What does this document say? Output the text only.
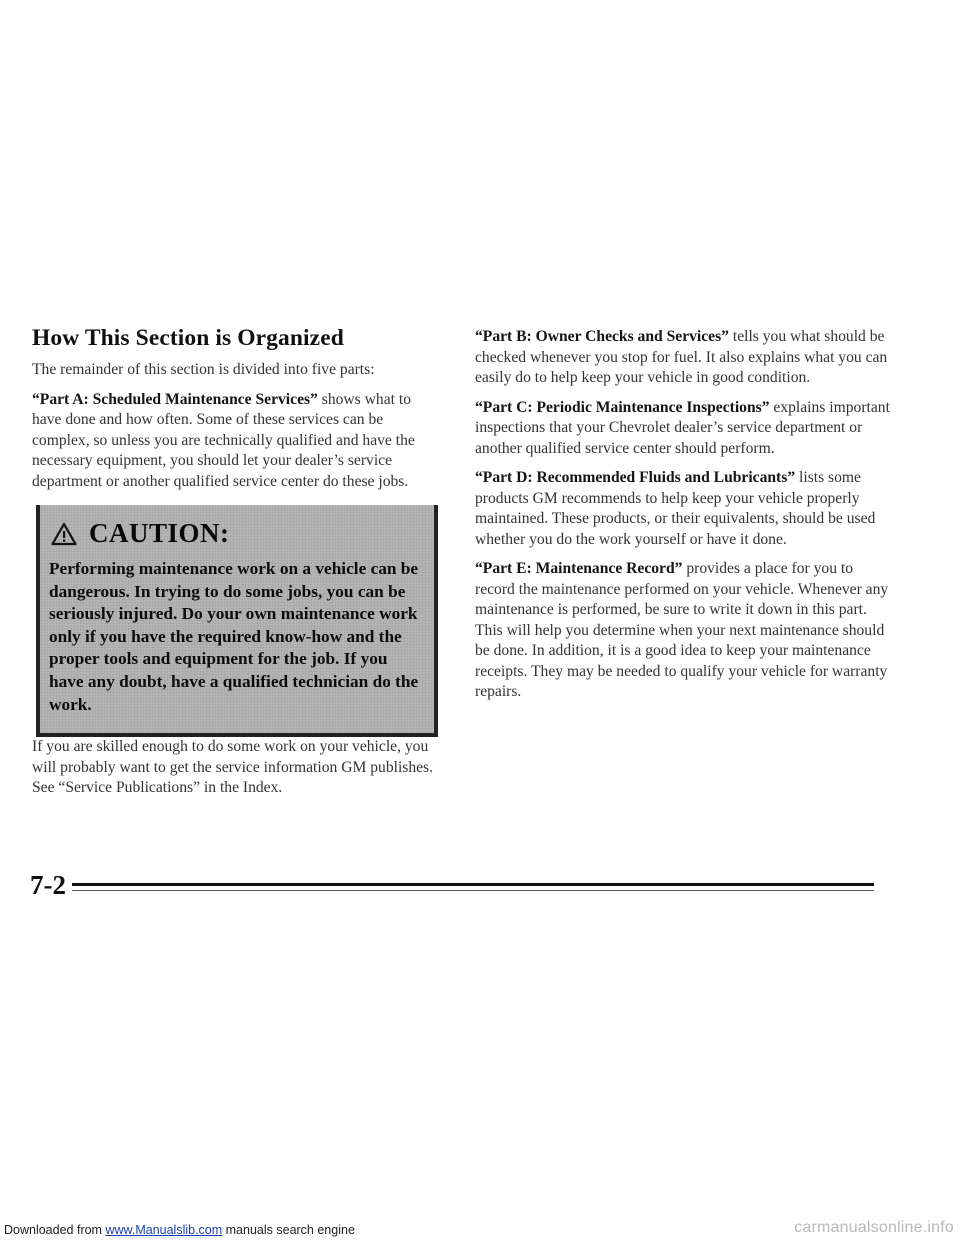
How This Section is Organized

The remainder of this section is divided into five parts:

“Part A: Scheduled Maintenance Services” shows what to have done and how often. Some of these services can be complex, so unless you are technically qualified and have the necessary equipment, you should let your dealer’s service department or another qualified service center do these jobs.

CAUTION:
Performing maintenance work on a vehicle can be dangerous. In trying to do some jobs, you can be seriously injured. Do your own maintenance work only if you have the required know-how and the proper tools and equipment for the job. If you have any doubt, have a qualified technician do the work.

If you are skilled enough to do some work on your vehicle, you will probably want to get the service information GM publishes. See “Service Publications” in the Index.

“Part B: Owner Checks and Services” tells you what should be checked whenever you stop for fuel. It also explains what you can easily do to help keep your vehicle in good condition.

“Part C: Periodic Maintenance Inspections” explains important inspections that your Chevrolet dealer’s service department or another qualified service center should perform.

“Part D: Recommended Fluids and Lubricants” lists some products GM recommends to help keep your vehicle properly maintained. These products, or their equivalents, should be used whether you do the work yourself or have it done.

“Part E: Maintenance Record” provides a place for you to record the maintenance performed on your vehicle. Whenever any maintenance is performed, be sure to write it down in this part. This will help you determine when your next maintenance should be done. In addition, it is a good idea to keep your maintenance receipts. They may be needed to qualify your vehicle for warranty repairs.

7-2
Downloaded from www.Manualslib.com manuals search engine	carmanualsonline.info
